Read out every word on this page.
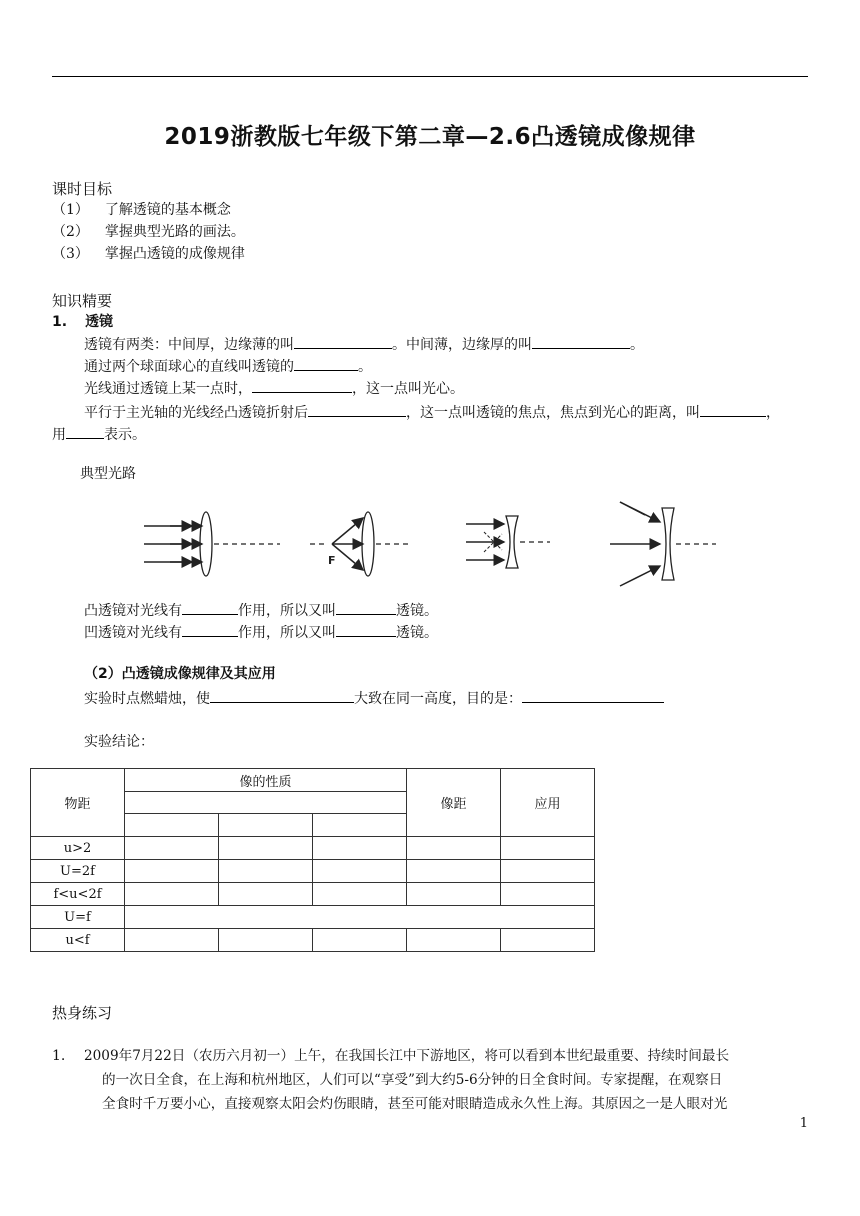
2019浙教版七年级下第二章—2.6凸透镜成像规律
课时目标
（1） 了解透镜的基本概念
（2） 掌握典型光路的画法。
（3） 掌握凸透镜的成像规律
知识精要
1. 透镜
透镜有两类：中间厚，边缘薄的叫	。中间薄，边缘厚的叫	。
通过两个球面球心的直线叫透镜的	。
光线通过透镜上某一点时，	，这一点叫光心。
平行于主光轴的光线经凸透镜折射后	，这一点叫透镜的焦点，焦点到光心的距离，叫	，
用	表示。
典型光路
F
凸透镜对光线有	作用，所以又叫	透镜。
凹透镜对光线有	作用，所以又叫	透镜。
（2）凸透镜成像规律及其应用
实验时点燃蜡烛，使	大致在同一高度，目的是：
实验结论：
物距	像的性质			像距	应用

u>2					
U=2f					
f<u<2f					
U=f					
u<f					
热身练习
1. 2009年7月22日（农历六月初一）上午，在我国长江中下游地区，将可以看到本世纪最重要、持续时间最长
的一次日全食，在上海和杭州地区，人们可以“享受”到大约5-6分钟的日全食时间。专家提醒，在观察日
全食时千万要小心，直接观察太阳会灼伤眼睛，甚至可能对眼睛造成永久性上海。其原因之一是人眼对光
1
